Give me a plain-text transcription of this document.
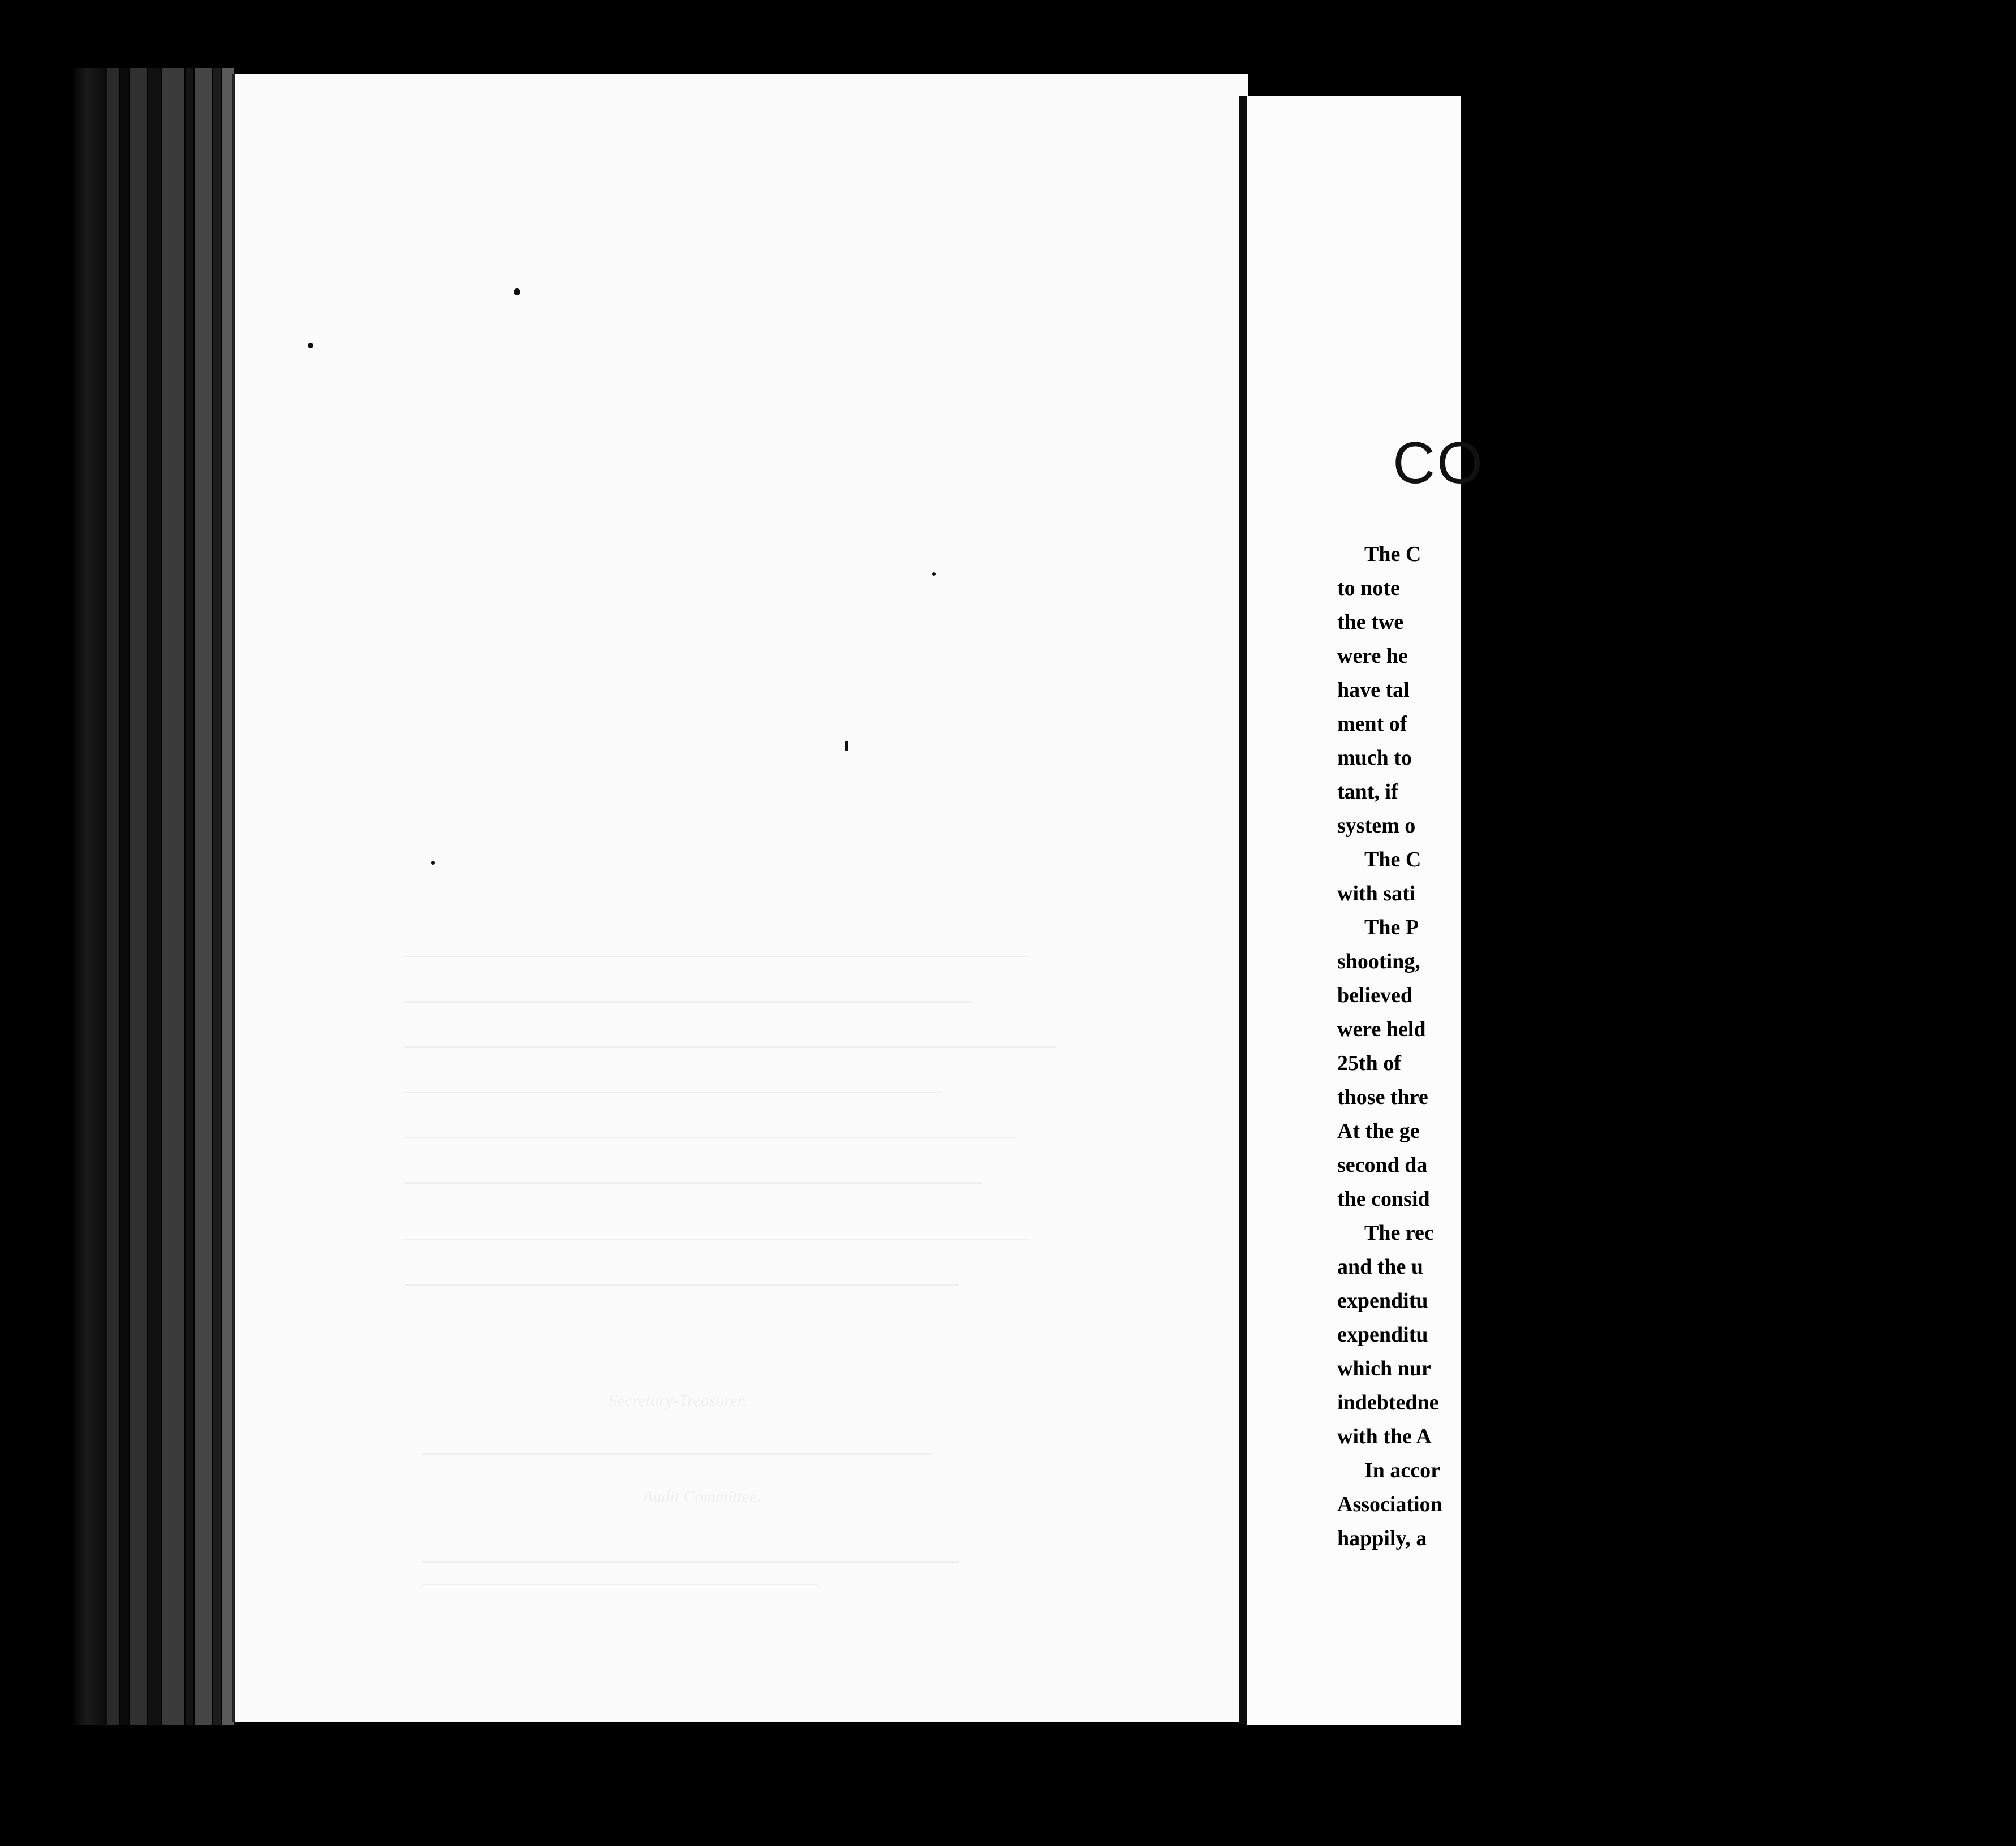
Secretary-Treasurer.
Audit Committee.
CO
The C
to note
the twe
were he
have tal
ment of
much to
tant, if
system o
The C
with sati
The P
shooting,
believed
were held
25th of
those thre
At the ge
second da
the consid
The rec
and the u
expenditu
expenditu
which nur
indebtedne
with the A
In accor
Association
happily, a
